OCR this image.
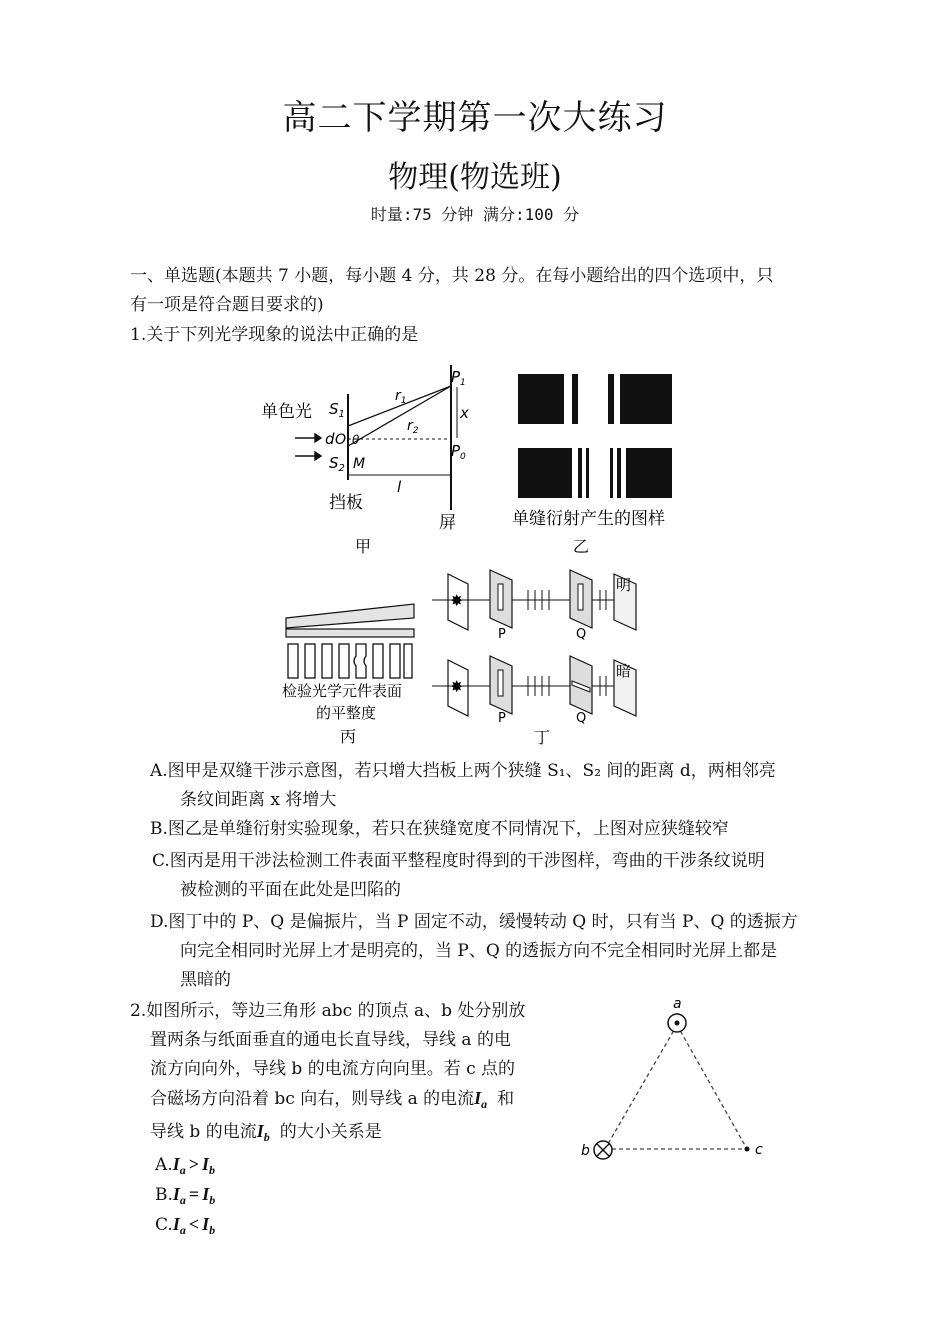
高二下学期第一次大练习
物理(物选班)
时量:75 分钟 满分:100 分
一、单选题(本题共 7 小题，每小题 4 分，共 28 分。在每小题给出的四个选项中，只
有一项是符合题目要求的)
1.关于下列光学现象的说法中正确的是
单色光 $S_1$
$S_2$
d O θ
M
$r_1$
$r_2$
$P_1$
$P_0$
x
l
挡板
屏
甲
单缝衍射产生的图样
乙
检验光学元件表面
的平整度
丙
✸
P	Q
明
✸
P	Q
暗
丁
A.图甲是双缝干涉示意图，若只增大挡板上两个狭缝 S₁、S₂ 间的距离 d，两相邻亮
条纹间距离 x 将增大
B.图乙是单缝衍射实验现象，若只在狭缝宽度不同情况下，上图对应狭缝较窄
C.图丙是用干涉法检测工件表面平整程度时得到的干涉图样，弯曲的干涉条纹说明
被检测的平面在此处是凹陷的
D.图丁中的 P、Q 是偏振片，当 P 固定不动，缓慢转动 Q 时，只有当 P、Q 的透振方
向完全相同时光屏上才是明亮的，当 P、Q 的透振方向不完全相同时光屏上都是
黑暗的
2.如图所示，等边三角形 abc 的顶点 a、b 处分别放
置两条与纸面垂直的通电长直导线，导线 a 的电
流方向向外，导线 b 的电流方向向里。若 c 点的
合磁场方向沿着 bc 向右，则导线 a 的电流$I_a$ 和
导线 b 的电流$I_b$ 的大小关系是
$A.I_a > I_b$
$B.I_a = I_b$
$C.I_a < I_b$
a
b	c
